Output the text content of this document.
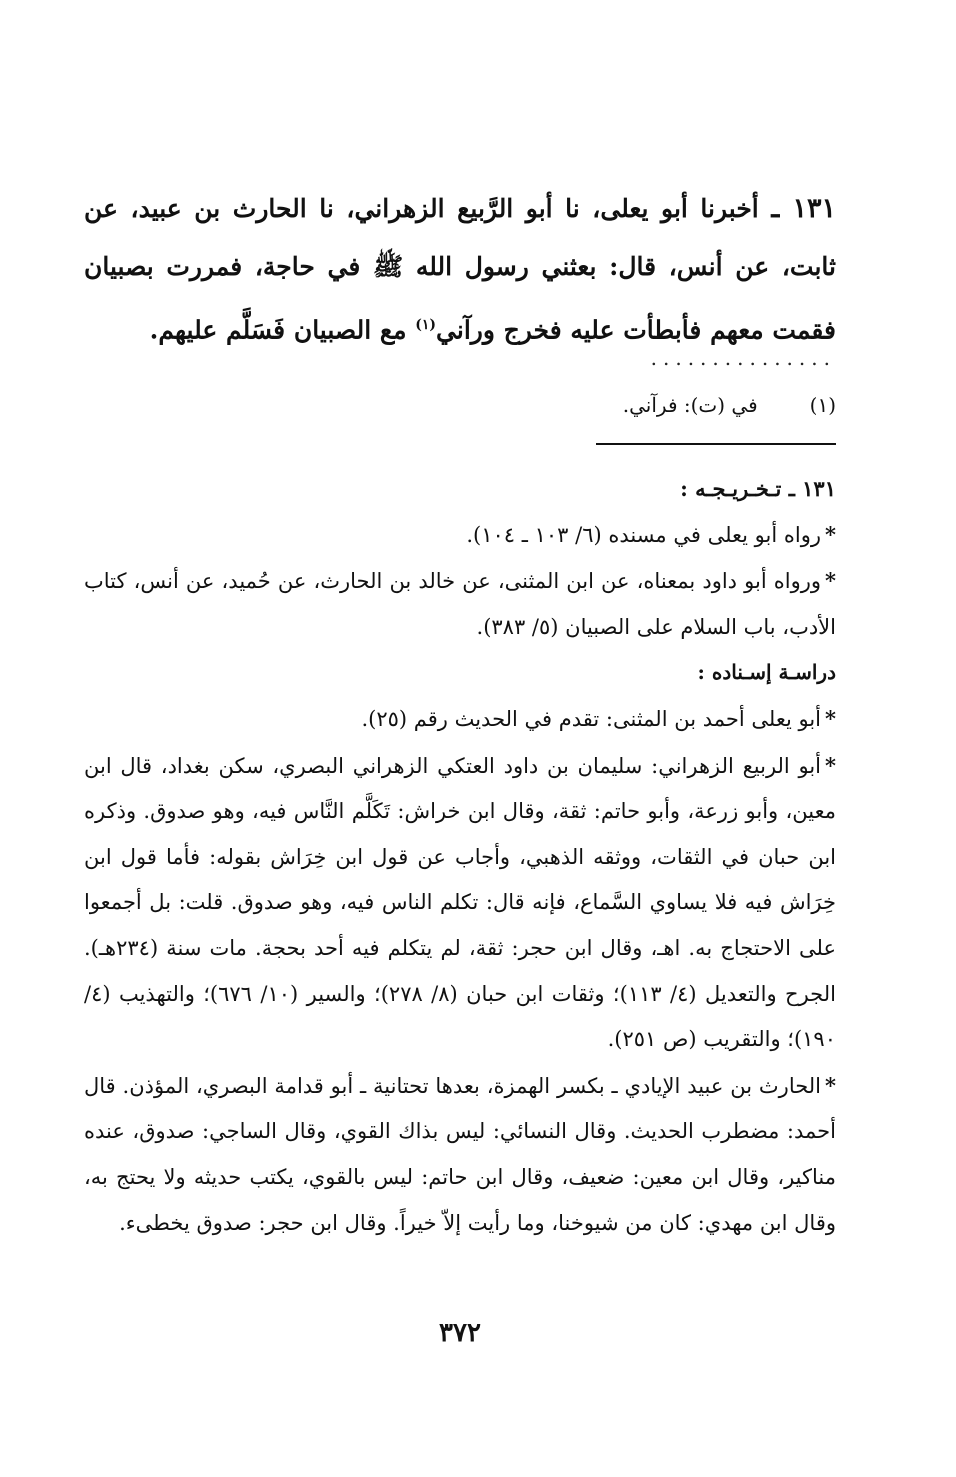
١٣١ ـ أخبرنا أبو يعلى، نا أبو الرَّبيع الزهراني، نا الحارث بن عبيد، عن ثابت، عن أنس، قال: بعثني رسول الله ﷺ في حاجة، فمررت بصبيان فقمت معهم فأبطأت عليه فخرج ورآني$^{(١)}$ مع الصبيان فَسَلَّم عليهم.
...............
(١) في (ت): فرآني.

١٣١ ـ تـخـريـجـه :

*رواه أبو يعلى في مسنده (٦/ ١٠٣ ـ ١٠٤).

*ورواه أبو داود بمعناه، عن ابن المثنى، عن خالد بن الحارث، عن حُميد، عن أنس، كتاب الأدب، باب السلام على الصبيان (٥/ ٣٨٣).

دراسـة إسـناده :

*أبو يعلى أحمد بن المثنى: تقدم في الحديث رقم (٢٥).

*أبو الربيع الزهراني: سليمان بن داود العتكي الزهراني البصري، سكن بغداد، قال ابن معين، وأبو زرعة، وأبو حاتم: ثقة، وقال ابن خراش: تَكَلَّم النَّاس فيه، وهو صدوق. وذكره ابن حبان في الثقات، ووثقه الذهبي، وأجاب عن قول ابن خِرَاش بقوله: فأما قول ابن خِرَاش فيه فلا يساوي السَّماع، فإنه قال: تكلم الناس فيه، وهو صدوق. قلت: بل أجمعوا على الاحتجاج به. اهـ، وقال ابن حجر: ثقة، لم يتكلم فيه أحد بحجة. مات سنة (٢٣٤هـ). الجرح والتعديل (٤/ ١١٣)؛ وثقات ابن حبان (٨/ ٢٧٨)؛ والسير (١٠/ ٦٧٦)؛ والتهذيب (٤/ ١٩٠)؛ والتقريب (ص ٢٥١).

*الحارث بن عبيد الإيادي ـ بكسر الهمزة، بعدها تحتانية ـ أبو قدامة البصري، المؤذن. قال أحمد: مضطرب الحديث. وقال النسائي: ليس بذاك القوي، وقال الساجي: صدوق، عنده مناكير، وقال ابن معين: ضعيف، وقال ابن حاتم: ليس بالقوي، يكتب حديثه ولا يحتج به، وقال ابن مهدي: كان من شيوخنا، وما رأيت إلاّ خيراً. وقال ابن حجر: صدوق يخطىء.

٣٧٢
